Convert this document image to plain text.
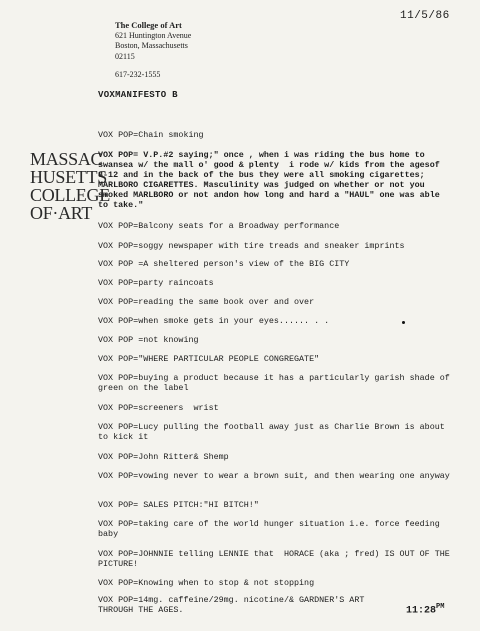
11/5/86
The College of Art
621 Huntington Avenue
Boston, Massachusetts
02115
617-232-1555
VOXMANIFESTO B
MASSAC
HUSETTS
COLLEGE
OF·ART
VOX POP=Chain smoking
VOX POP= V.P.#2 saying;" once , when i was riding the bus home to swansea w/ the mall o' good & plenty  i rode w/ kids from the agesof 8-12 and in the back of the bus they were all smoking cigarettes; MARLBORO CIGARETTES. Masculinity was judged on whether or not you smoked MARLBORO or not andon how long and hard a "HAUL" one was able to take."
VOX POP=Balcony seats for a Broadway performance
VOX POP=soggy newspaper with tire treads and sneaker imprints
VOX POP =A sheltered person's view of the BIG CITY
VOX POP=party raincoats
VOX POP=reading the same book over and over
VOX POP=when smoke gets in your eyes...... . .
VOX POP =not knowing
VOX POP="WHERE PARTICULAR PEOPLE CONGREGATE"
VOX POP=buying a product because it has a particularly garish shade of green on the label
VOX POP=screeners  wrist
VOX POP=Lucy pulling the football away just as Charlie Brown is about to kick it
VOX POP=John Ritter& Shemp
VOX POP=vowing never to wear a brown suit, and then wearing one anyway
VOX POP= SALES PITCH:"HI BITCH!"
VOX POP=taking care of the world hunger situation i.e. force feeding baby
VOX POP=JOHNNIE telling LENNIE that  HORACE (aka ; fred) IS OUT OF THE PICTURE!
VOX POP=Knowing when to stop & not stopping
VOX POP=14mg. caffeine/29mg. nicotine/& GARDNER'S ART THROUGH THE AGES.	$11:28^{PM}$
